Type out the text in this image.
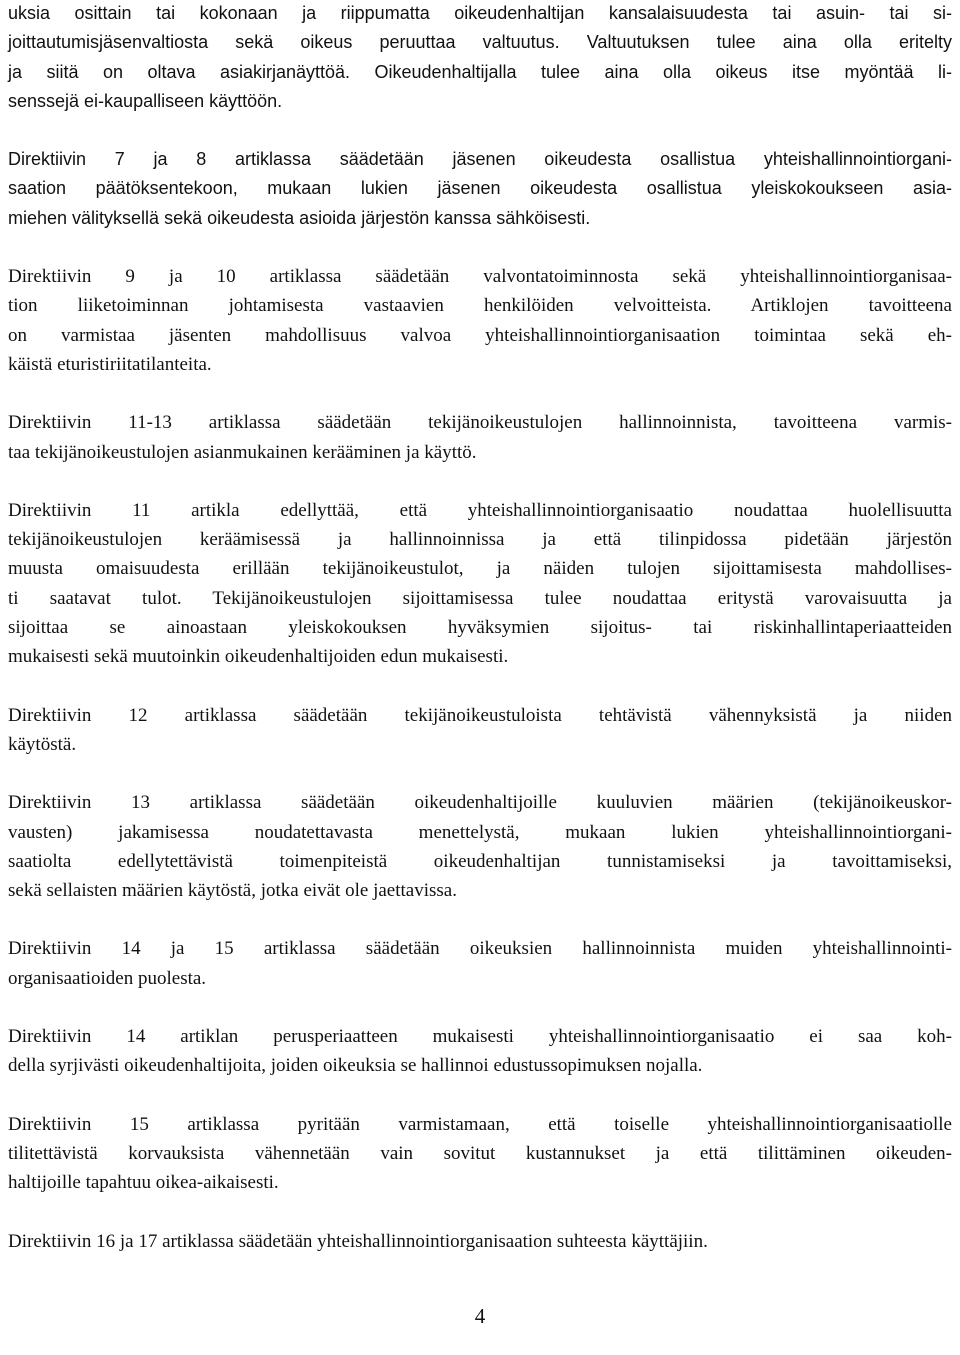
uksia osittain tai kokonaan ja riippumatta oikeudenhaltijan kansalaisuudesta tai asuin- tai si-
joittautumisjäsenvaltiosta sekä oikeus peruuttaa valtuutus. Valtuutuksen tulee aina olla eritelty
ja siitä on oltava asiakirjanäyttöä. Oikeudenhaltijalla tulee aina olla oikeus itse myöntää li-
senssejä ei-kaupalliseen käyttöön.
Direktiivin 7 ja 8 artiklassa säädetään jäsenen oikeudesta osallistua yhteishallinnointiorgani-
saation päätöksentekoon, mukaan lukien jäsenen oikeudesta osallistua yleiskokoukseen asia-
miehen välityksellä sekä oikeudesta asioida järjestön kanssa sähköisesti.
Direktiivin 9 ja 10 artiklassa säädetään valvontatoiminnosta sekä yhteishallinnointiorganisaa-
tion liiketoiminnan johtamisesta vastaavien henkilöiden velvoitteista. Artiklojen tavoitteena
on varmistaa jäsenten mahdollisuus valvoa yhteishallinnointiorganisaation toimintaa sekä eh-
käistä eturistiriitatilanteita.
Direktiivin 11-13 artiklassa säädetään tekijänoikeustulojen hallinnoinnista, tavoitteena varmis-
taa tekijänoikeustulojen asianmukainen kerääminen ja käyttö.
Direktiivin 11 artikla edellyttää, että yhteishallinnointiorganisaatio noudattaa huolellisuutta
tekijänoikeustulojen keräämisessä ja hallinnoinnissa ja että tilinpidossa pidetään järjestön
muusta omaisuudesta erillään tekijänoikeustulot, ja näiden tulojen sijoittamisesta mahdollises-
ti saatavat tulot. Tekijänoikeustulojen sijoittamisessa tulee noudattaa eritystä varovaisuutta ja
sijoittaa se ainoastaan yleiskokouksen hyväksymien sijoitus- tai riskinhallintaperiaatteiden
mukaisesti sekä muutoinkin oikeudenhaltijoiden edun mukaisesti.
Direktiivin 12 artiklassa säädetään tekijänoikeustuloista tehtävistä vähennyksistä ja niiden
käytöstä.
Direktiivin 13 artiklassa säädetään oikeudenhaltijoille kuuluvien määrien (tekijänoikeuskor-
vausten) jakamisessa noudatettavasta menettelystä, mukaan lukien yhteishallinnointiorgani-
saatiolta edellytettävistä toimenpiteistä oikeudenhaltijan tunnistamiseksi ja tavoittamiseksi,
sekä sellaisten määrien käytöstä, jotka eivät ole jaettavissa.
Direktiivin 14 ja 15 artiklassa säädetään oikeuksien hallinnoinnista muiden yhteishallinnointi-
organisaatioiden puolesta.
Direktiivin 14 artiklan perusperiaatteen mukaisesti yhteishallinnointiorganisaatio ei saa koh-
della syrjivästi oikeudenhaltijoita, joiden oikeuksia se hallinnoi edustussopimuksen nojalla.
Direktiivin 15 artiklassa pyritään varmistamaan, että toiselle yhteishallinnointiorganisaatiolle
tilitettävistä korvauksista vähennetään vain sovitut kustannukset ja että tilittäminen oikeuden-
haltijoille tapahtuu oikea-aikaisesti.
Direktiivin 16 ja 17 artiklassa säädetään yhteishallinnointiorganisaation suhteesta käyttäjiin.
4
